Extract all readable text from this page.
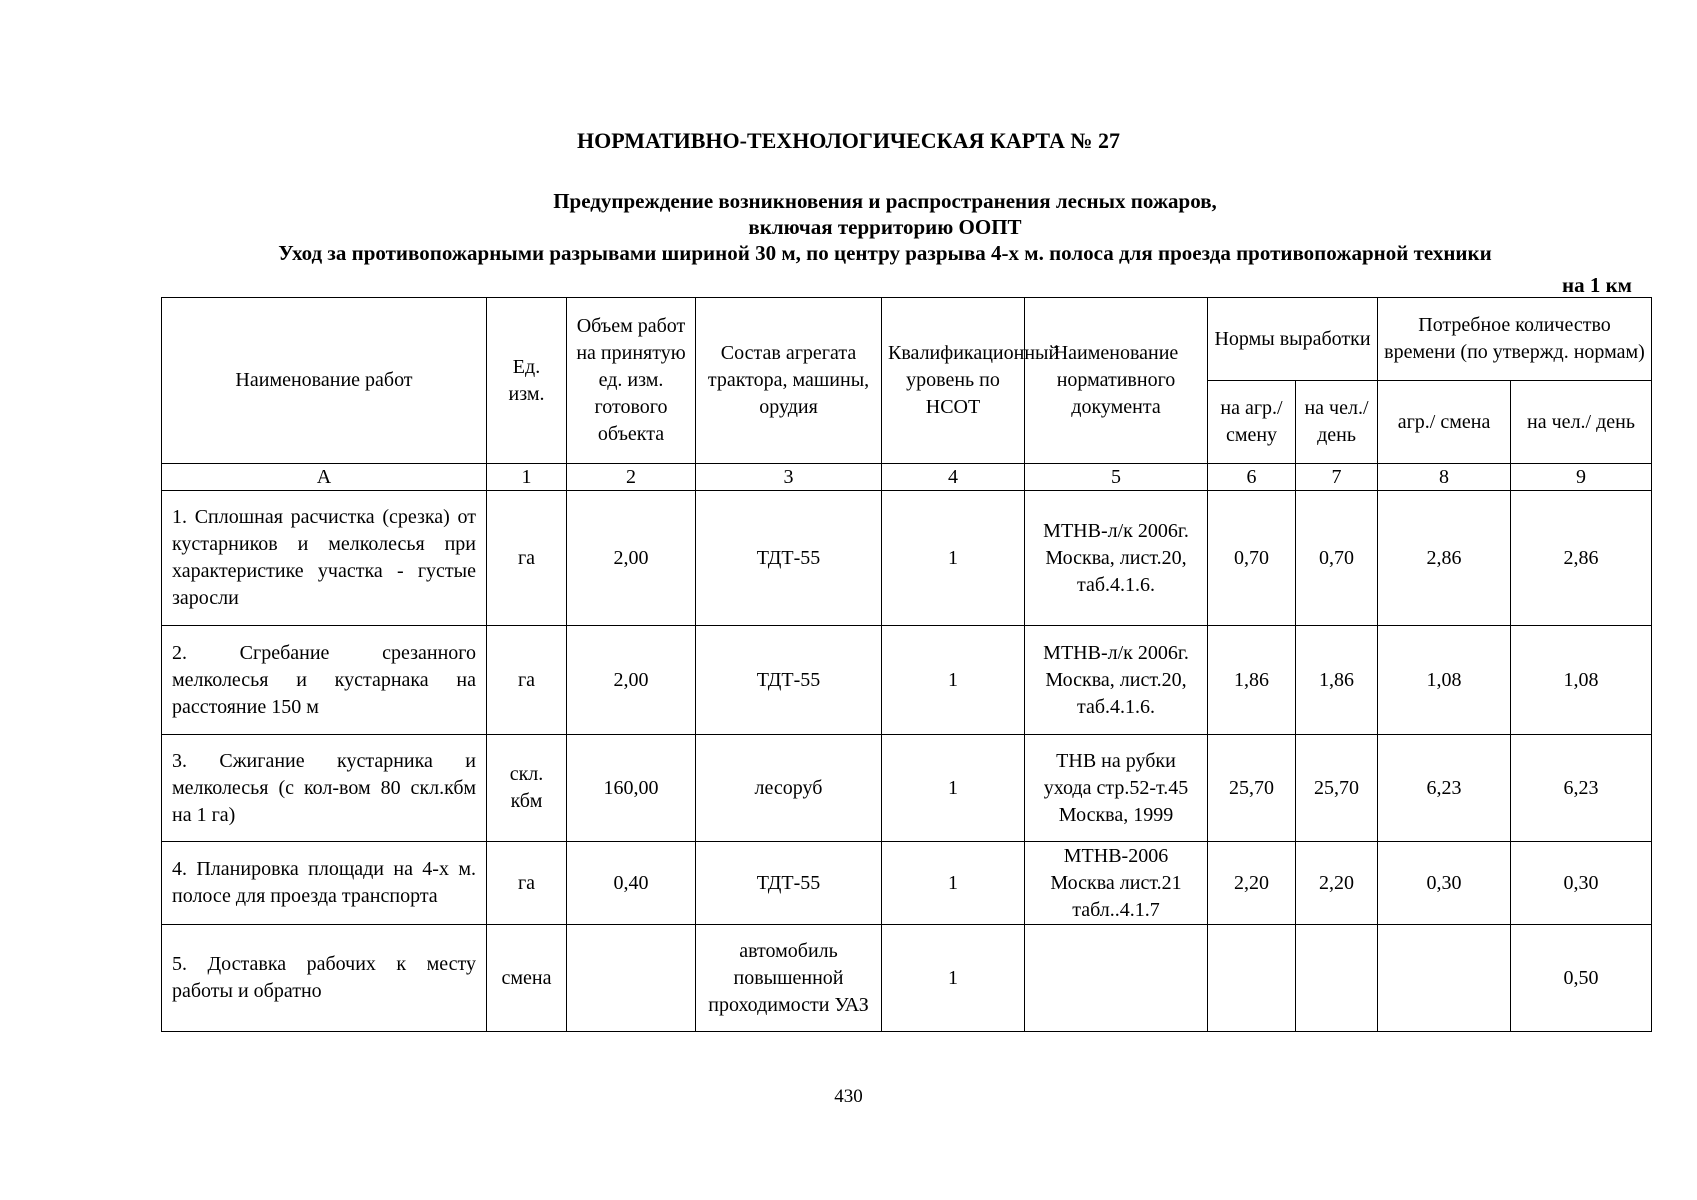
НОРМАТИВНО-ТЕХНОЛОГИЧЕСКАЯ КАРТА № 27
Предупреждение возникновения и распространения лесных пожаров,
включая территорию ООПТ
Уход за противопожарными разрывами шириной 30 м, по центру разрыва 4-х м. полоса для проезда противопожарной техники
на 1 км
Наименование работ	Ед. изм.	Объем работ на принятую ед. изм. готового объекта	Состав агрегата трактора, машины, орудия	Квалификационный уровень по НСОТ	Наименование нормативного документа	Нормы выработки		Потребное количество времени (по утвержд. нормам)	
						на агр./ смену	на чел./ день	агр./ смена	на чел./ день
А	1	2	3	4	5	6	7	8	9
1. Сплошная расчистка (срезка) от кустарников и мелколесья при характеристике участка - густые заросли	га	2,00	ТДТ-55	1	МТНВ-л/к 2006г. Москва, лист.20, таб.4.1.6.	0,70	0,70	2,86	2,86
2. Сгребание срезанного мелколесья и кустарнака на расстояние 150 м	га	2,00	ТДТ-55	1	МТНВ-л/к 2006г. Москва, лист.20, таб.4.1.6.	1,86	1,86	1,08	1,08
3. Сжигание кустарника и мелколесья (с кол-вом 80 скл.кбм на 1 га)	скл. кбм	160,00	лесоруб	1	ТНВ на рубки ухода стр.52-т.45 Москва, 1999	25,70	25,70	6,23	6,23
4. Планировка площади на 4-х м. полосе для проезда транспорта	га	0,40	ТДТ-55	1	МТНВ-2006 Москва лист.21 табл..4.1.7	2,20	2,20	0,30	0,30
5. Доставка рабочих к месту работы и обратно	смена		автомобиль повышенной проходимости УАЗ	1					0,50
430
